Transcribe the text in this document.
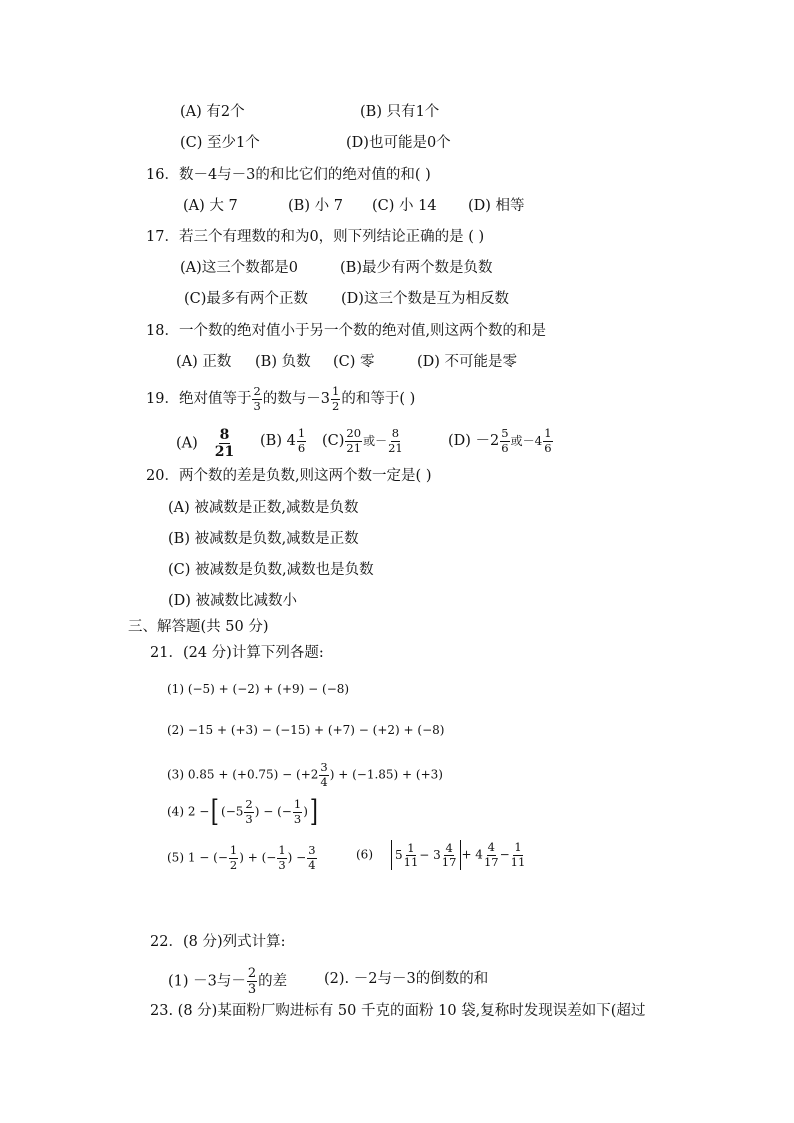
(A) 有2个	(B) 只有1个
(C) 至少1个	(D)也可能是0个
16．数－4与－3的和比它们的绝对值的和( )
(A) 大 7	(B) 小 7 (C) 小 14 (D) 相等
17．若三个有理数的和为0，则下列结论正确的是 ( )
(A)这三个数都是0	(B)最少有两个数是负数
(C)最多有两个正数 (D)这三个数是互为相反数
18．一个数的绝对值小于另一个数的绝对值,则这两个数的和是
(A) 正数 (B) 负数 (C) 零	(D) 不可能是零
19．绝对值等于 $\frac{2}{3}$ 的数与$-3 \frac{1}{2}$ 的和等于( )
$(A) \frac{8}{21} (B)$ $4 \frac{1}{6} (C) \frac{20}{21}$ 或－ $\frac{8}{21}$	$(D) -2 \frac{5}{6}$ 或$-4 \frac{1}{6}$
20．两个数的差是负数,则这两个数一定是( )
(A) 被减数是正数,减数是负数
(B) 被减数是负数,减数是正数
(C) 被减数是负数,减数也是负数
(D) 被减数比减数小
三、解答题(共 50 分)
21．(24 分)计算下列各题:
(1) (−5) + (−2) + (+9) − (−8)
(2) −15 + (+3) − (−15) + (+7) − (+2) + (−8)
(3) $0.85 + (+0.75) - (+2 \frac{3}{4}$ ) + (−1.85) + (+3)
(4) 2 −[ ($-5 \frac{2}{3}$ ) − (− $\frac{1}{3}$ )]
(5) 1 − (− $\frac{1}{2}$ ) + (− $\frac{1}{3}$ ) − $\frac{3}{4}$	(6) $5 \frac{1}{11} - 3 \frac{4}{17} + 4 \frac{4}{17} - \frac{1}{11}$
22．(8 分)列式计算:
(1) －3与－ $\frac{2}{3}$ 的差	(2). －2与－3的倒数的和
23. (8 分)某面粉厂购进标有 50 千克的面粉 10 袋,复称时发现误差如下(超过
